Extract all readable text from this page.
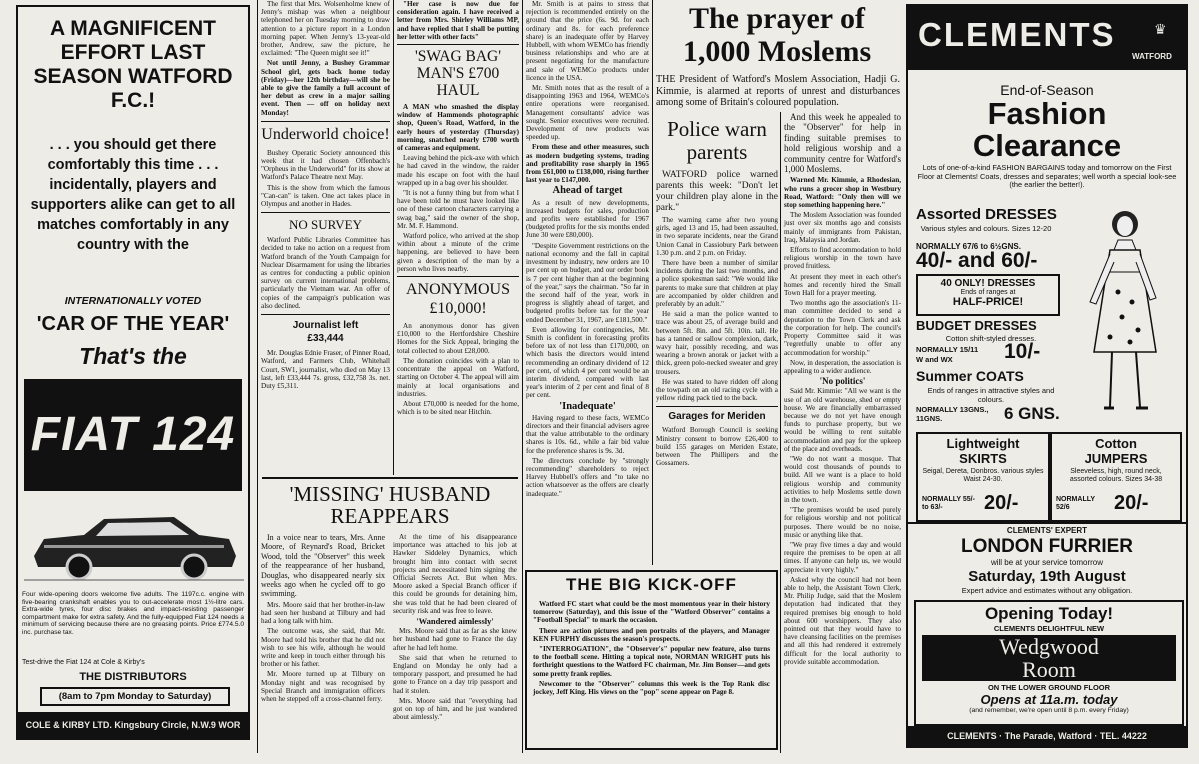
A MAGNIFICENT EFFORT LAST SEASON WATFORD F.C.!
. . . you should get there comfortably this time . . . incidentally, players and supporters alike can get to all matches comfortably in any country with the
INTERNATIONALLY VOTED
'CAR OF THE YEAR'
That's the
FIAT 124
Four wide-opening doors welcome five adults. The 1197c.c. engine with five-bearing crankshaft enables you to out-accelerate most 1½-litre cars. Extra-wide tyres, four disc brakes and impact-resisting passenger compartment make for extra safety. And the fully-equipped Fiat 124 needs a minimum of servicing because there are no greasing points. Price £774.5.0 inc. purchase tax.
Test-drive the Fiat 124 at Cole & Kirby's
THE DISTRIBUTORS
(8am to 7pm Monday to Saturday)
COLE & KIRBY LTD. Kingsbury Circle, N.W.9 WOR 8821

The first that Mrs. Wolsenholme knew of Jenny's mishap was when a neighbour telephoned her on Tuesday morning to draw attention to a picture report in a London morning paper. When Jenny's 13-year-old brother, Andrew, saw the picture, he exclaimed: "The Queen might see it!"

Not until Jenny, a Bushey Grammar School girl, gets back home today (Friday)—her 12th birthday—will she be able to give the family a full account of her debut as crew in a major sailing event. Then — off on holiday next Monday!

Underworld choice!

Bushey Operatic Society announced this week that it had chosen Offenbach's "Orpheus in the Underworld" for its show at Watford's Palace Theatre next May.

This is the show from which the famous "Can-can" is taken. One act takes place in Olympus and another in Hades.

NO SURVEY

Watford Public Libraries Committee has decided to take no action on a request from Watford branch of the Youth Campaign for Nuclear Disarmament for using the libraries as centres for conducting a public opinion survey on current international problems, particularly the Vietnam war. An offer of copies of the campaign's publication was also declined.

Journalist left £33,444

Mr. Douglas Ednie Fraser, of Pinner Road, Watford, and Farmers Club, Whitehall Court, SW1, journalist, who died on May 13 last, left £33,444 7s. gross, £32,758 3s. net. Duty £5,311.

"Her case is now due for consideration again. I have received a letter from Mrs. Shirley Williams MP, and have replied that I shall be putting her letter with other facts"

'SWAG BAG' MAN'S £700 HAUL

A MAN who smashed the display window of Hammonds photographic shop, Queen's Road, Watford, in the early hours of yesterday (Thursday) morning, snatched nearly £700 worth of cameras and equipment.

Leaving behind the pick-axe with which he had caved in the window, the raider made his escape on foot with the haul wrapped up in a bag over his shoulder.

"It is not a funny thing but from what I have been told he must have looked like one of these cartoon characters carrying a swag bag," said the owner of the shop, Mr. M. F. Hammond.

Watford police, who arrived at the shop within about a minute of the crime happening, are believed to have been given a description of the man by a person who lives nearby.

ANONYMOUS £10,000!

An anonymous donor has given £10,000 to the Hertfordshire Cheshire Homes for the Sick Appeal, bringing the total collected to about £28,000.

The donation coincides with a plan to concentrate the appeal on Watford, starting on October 4. The appeal will aim mainly at local organisations and industries.

About £70,000 is needed for the home, which is to be sited near Hitchin.

'MISSING' HUSBAND REAPPEARS

In a voice near to tears, Mrs. Anne Moore, of Reynard's Road, Bricket Wood, told the "Observer" this week of the reappearance of her husband, Douglas, who disappeared nearly six weeks ago when he cycled off to go swimming.

Mrs. Moore said that her brother-in-law had seen her husband at Tilbury and had had a long talk with him.

The outcome was, she said, that Mr. Moore had told his brother that he did not wish to see his wife, although he would write and keep in touch either through his brother or his father.

Mr. Moore turned up at Tilbury on Monday night and was recognised by Special Branch and immigration officers when he stepped off a cross-channel ferry.

At the time of his disappearance importance was attached to his job at Hawker Siddeley Dynamics, which brought him into contact with secret projects and necessitated him signing the Official Secrets Act. But when Mrs. Moore asked a Special Branch officer if this could be grounds for detaining him, she was told that he had been cleared of security risk and was free to leave.

'Wandered aimlessly'

Mrs. Moore said that as far as she knew her husband had gone to France the day after he had left home.

She said that when he returned to England on Monday he only had a temporary passport, and presumed he had gone to France on a day trip passport and had it stolen.

Mrs. Moore said that "everything had got on top of him, and he just wandered about aimlessly."

Mr. Smith is at pains to stress that rejection is recommended entirely on the ground that the price (6s. 9d. for each ordinary and 8s. for each preference share) is an inadequate offer by Harvey Hubbell, with whom WEMCo has friendly business relationships and who are at present negotiating for the manufacture and sale of WEMCo products under licence in the USA.

Mr. Smith notes that as the result of a disappointing 1963 and 1964, WEMCo's entire operations were reorganised. Management consultants' advice was sought. Senior executives were recruited. Development of new products was speeded up.

From these and other measures, such as modern budgeting systems, trading and profitability rose sharply in 1965 from £61,000 to £138,000, rising further last year to £147,000.

Ahead of target

As a result of new developments, increased budgets for sales, production and profits were established for 1967 (budgeted profits for the six months ended June 30 were £80,000).

"Despite Government restrictions on the national economy and the fall in capital investment by industry, new orders are 10 per cent up on budget, and our order book is 7 per cent higher than at the beginning of the year," says the chairman. "So far in the second half of the year, work in progress is slightly ahead of target, and budgeted profits before tax for the year ended December 31, 1967, are £181,500."

Even allowing for contingencies, Mr. Smith is confident in forecasting profits before tax of not less than £170,000, on which basis the directors would intend recommending an ordinary dividend of 12 per cent, of which 4 per cent would be an interim dividend, compared with last year's interim of 2 per cent and final of 8 per cent.

'Inadequate'

Having regard to these facts, WEMCo directors and their financial advisers agree that the value attributable to the ordinary shares is 10s. 6d., while a fair bid value for the preference shares is 9s. 3d.

The directors conclude by "strongly recommending" shareholders to reject Harvey Hubbell's offers and "to take no action whatsoever as the offers are clearly inadequate."

THE BIG KICK-OFF

Watford FC start what could be the most momentous year in their history tomorrow (Saturday), and this issue of the "Watford Observer" contains a "Football Special" to mark the occasion.

There are action pictures and pen portraits of the players, and Manager KEN FURPHY discusses the season's prospects.

"INTERROGATION", the "Observer's" popular new feature, also turns to the football scene. Hitting a topical note, NORMAN WRIGHT puts his forthright questions to the Watford FC chairman, Mr. Jim Bonser—and gets some pretty frank replies.

Newcomer to the "Observer" columns this week is the Top Rank disc jockey, Jeff King. His views on the "pop" scene appear on Page 8.

The prayer of 1,000 Moslems
THE President of Watford's Moslem Association, Hadji G. Kimmie, is alarmed at reports of unrest and disturbances among some of Britain's coloured population.
Police warn parents

WATFORD police warned parents this week: "Don't let your children play alone in the park."

The warning came after two young girls, aged 13 and 15, had been assaulted, in two separate incidents, near the Grand Union Canal in Cassiobury Park between 1.30 p.m. and 2 p.m. on Friday.

There have been a number of similar incidents during the last two months, and a police spokesman said: "We would like parents to make sure that children at play are accompanied by older children and preferably by an adult."

He said a man the police wanted to trace was about 25, of average build and between 5ft. 8in. and 5ft. 10in. tall. He has a tanned or sallow complexion, dark, wavy hair, possibly receding, and was wearing a brown anorak or jacket with a thick, green polo-necked sweater and grey trousers.

He was stated to have ridden off along the towpath on an old racing cycle with a yellow riding pack tied to the back.

Garages for Meriden

Watford Borough Council is seeking Ministry consent to borrow £26,400 to build 155 garages on Meriden Estate, between The Phillipers and the Gossamers.

And this week he appealed to the "Observer" for help in finding suitable premises to hold religious worship and a community centre for Watford's 1,000 Moslems.

Warned Mr. Kimmie, a Rhodesian, who runs a grocer shop in Westbury Road, Watford: "Only then will we stop something happening here."

The Moslem Association was founded just over six months ago and consists mainly of immigrants from Pakistan, Iraq, Malaysia and Jordan.

Efforts to find accommodation to hold religious worship in the town have proved fruitless.

At present they meet in each other's homes and recently hired the Small Town Hall for a prayer meeting.

Two months ago the association's 11-man committee decided to send a deputation to the Town Clerk and ask the corporation for help. The council's Property Committee said it was "regretfully unable to offer any accommodation for worship."

Now, in desperation, the association is appealing to a wider audience.

'No politics'

Said Mr. Kimmie: "All we want is the use of an old warehouse, shed or empty house. We are financially embarrassed because we do not yet have enough funds to purchase property, but we would be willing to rent suitable accommodation and pay for the upkeep of the place and overheads.

"We do not want a mosque. That would cost thousands of pounds to build. All we want is a place to hold religious worship and community activities to help Moslems settle down in the town.

"The premises would be used purely for religious worship and not political purposes. There would be no noise, music or anything like that.

"We pray five times a day and would require the premises to be open at all times. If anyone can help us, we would appreciate it very highly."

Asked why the council had not been able to help, the Assistant Town Clerk, Mr. Philip Judge, said that the Moslem deputation had indicated that they required premises big enough to hold about 600 worshippers. They also pointed out that they would have to have cleansing facilities on the premises and all this had rendered it extremely difficult for the local authority to provide suitable accommodation.

CLEMENTS	♛
WATFORD
End-of-Season
Fashion
Clearance
Lots of one-of-a-kind FASHION BARGAINS today and tomorrow on the First Floor at Clements! Coats, dresses and separates; well worth a special look-see (the earlier the better!).
Assorted DRESSES
Various styles and colours. Sizes 12-20
NORMALLY 67/6 to 6½GNS.
40/- and 60/-
40 ONLY! DRESSES
Ends of ranges at
HALF-PRICE!
BUDGET DRESSES
Cotton shift-styled dresses.
NORMALLY 15/11
W and WX	10/-
Summer COATS
Ends of ranges in attractive styles and colours.
NORMALLY 13GNS., 11GNS.	6 GNS.
Lightweight SKIRTS
Seigal, Dereta, Donbros. various styles Waist 24-30.
NORMALLY 55/- to 63/-	20/-
Cotton JUMPERS
Sleeveless, high, round neck, assorted colours. Sizes 34-38
NORMALLY 52/6	20/-
CLEMENTS' EXPERT
LONDON FURRIER
will be at your service tomorrow
Saturday, 19th August
Expert advice and estimates without any obligation.
Opening Today!
CLEMENTS DELIGHTFUL NEW
Wedgwood
Room
ON THE LOWER GROUND FLOOR
Opens at 11a.m. today
(and remember, we're open until 8 p.m. every Friday)
CLEMENTS · The Parade, Watford · TEL. 44222
